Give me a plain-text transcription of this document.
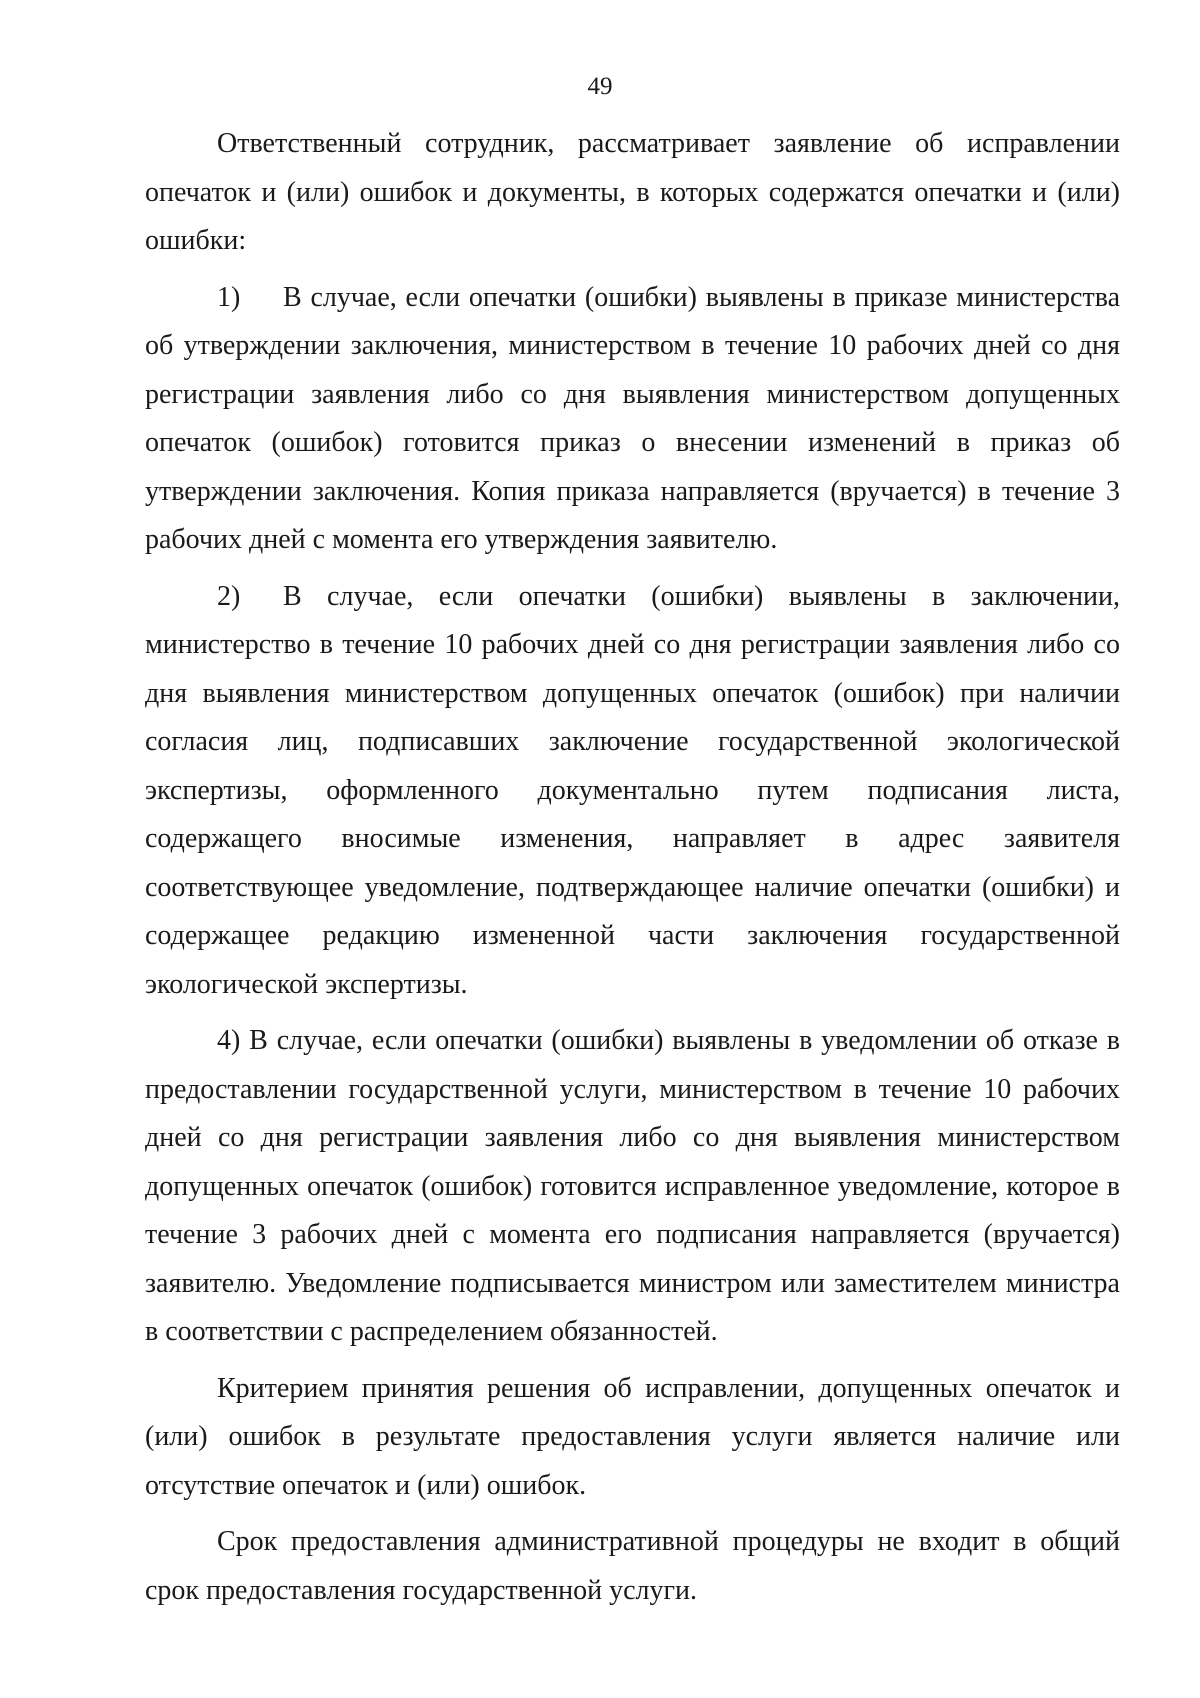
49

Ответственный сотрудник, рассматривает заявление об исправлении опечаток и (или) ошибок и документы, в которых содержатся опечатки и (или) ошибки:

1) В случае, если опечатки (ошибки) выявлены в приказе министерства об утверждении заключения, министерством в течение 10 рабочих дней со дня регистрации заявления либо со дня выявления министерством допущенных опечаток (ошибок) готовится приказ о внесении изменений в приказ об утверждении заключения. Копия приказа направляется (вручается) в течение 3 рабочих дней с момента его утверждения заявителю.

2) В случае, если опечатки (ошибки) выявлены в заключении, министерство в течение 10 рабочих дней со дня регистрации заявления либо со дня выявления министерством допущенных опечаток (ошибок) при наличии согласия лиц, подписавших заключение государственной экологической экспертизы, оформленного документально путем подписания листа, содержащего вносимые изменения, направляет в адрес заявителя соответствующее уведомление, подтверждающее наличие опечатки (ошибки) и содержащее редакцию измененной части заключения государственной экологической экспертизы.

4) В случае, если опечатки (ошибки) выявлены в уведомлении об отказе в предоставлении государственной услуги, министерством в течение 10 рабочих дней со дня регистрации заявления либо со дня выявления министерством допущенных опечаток (ошибок) готовится исправленное уведомление, которое в течение 3 рабочих дней с момента его подписания направляется (вручается) заявителю. Уведомление подписывается министром или заместителем министра в соответствии с распределением обязанностей.

Критерием принятия решения об исправлении, допущенных опечаток и (или) ошибок в результате предоставления услуги является наличие или отсутствие опечаток и (или) ошибок.

Срок предоставления административной процедуры не входит в общий срок предоставления государственной услуги.
